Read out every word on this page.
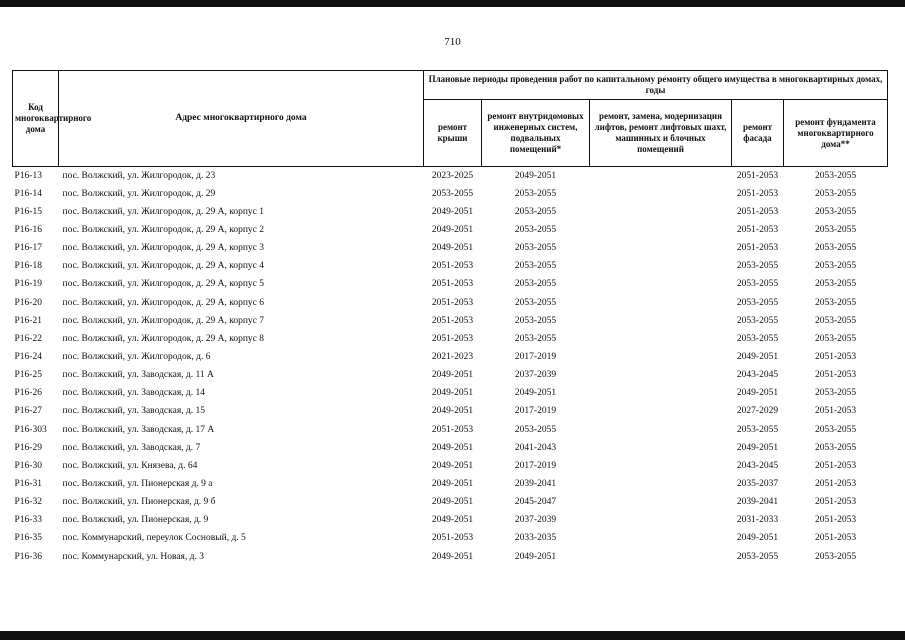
710
Код многоквартирного дома	Адрес многоквартирного дома	Плановые периоды проведения работ по капитальному ремонту общего имущества в многоквартирных домах, годы				
		ремонт крыши	ремонт внутридомовых инженерных систем, подвальных помещений*	ремонт, замена, модернизация лифтов, ремонт лифтовых шахт, машинных и блочных помещений	ремонт фасада	ремонт фундамента многоквартирного дома**
P16-13	пос. Волжский, ул. Жилгородок, д. 23	2023-2025	2049-2051		2051-2053	2053-2055
P16-14	пос. Волжский, ул. Жилгородок, д. 29	2053-2055	2053-2055		2051-2053	2053-2055
P16-15	пос. Волжский, ул. Жилгородок, д. 29 А, корпус 1	2049-2051	2053-2055		2051-2053	2053-2055
P16-16	пос. Волжский, ул. Жилгородок, д. 29 А, корпус 2	2049-2051	2053-2055		2051-2053	2053-2055
P16-17	пос. Волжский, ул. Жилгородок, д. 29 А, корпус 3	2049-2051	2053-2055		2051-2053	2053-2055
P16-18	пос. Волжский, ул. Жилгородок, д. 29 А, корпус 4	2051-2053	2053-2055		2053-2055	2053-2055
P16-19	пос. Волжский, ул. Жилгородок, д. 29 А, корпус 5	2051-2053	2053-2055		2053-2055	2053-2055
P16-20	пос. Волжский, ул. Жилгородок, д. 29 А, корпус 6	2051-2053	2053-2055		2053-2055	2053-2055
P16-21	пос. Волжский, ул. Жилгородок, д. 29 А, корпус 7	2051-2053	2053-2055		2053-2055	2053-2055
P16-22	пос. Волжский, ул. Жилгородок, д. 29 А, корпус 8	2051-2053	2053-2055		2053-2055	2053-2055
P16-24	пос. Волжский, ул. Жилгородок, д. 6	2021-2023	2017-2019		2049-2051	2051-2053
P16-25	пос. Волжский, ул. Заводская, д. 11 А	2049-2051	2037-2039		2043-2045	2051-2053
P16-26	пос. Волжский, ул. Заводская, д. 14	2049-2051	2049-2051		2049-2051	2053-2055
P16-27	пос. Волжский, ул. Заводская, д. 15	2049-2051	2017-2019		2027-2029	2051-2053
P16-303	пос. Волжский, ул. Заводская, д. 17 А	2051-2053	2053-2055		2053-2055	2053-2055
P16-29	пос. Волжский, ул. Заводская, д. 7	2049-2051	2041-2043		2049-2051	2053-2055
P16-30	пос. Волжский, ул. Князева, д. 64	2049-2051	2017-2019		2043-2045	2051-2053
P16-31	пос. Волжский, ул. Пионерская д. 9 а	2049-2051	2039-2041		2035-2037	2051-2053
P16-32	пос. Волжский, ул. Пионерская, д. 9 б	2049-2051	2045-2047		2039-2041	2051-2053
P16-33	пос. Волжский, ул. Пионерская, д. 9	2049-2051	2037-2039		2031-2033	2051-2053
P16-35	пос. Коммунарский, переулок Сосновый, д. 5	2051-2053	2033-2035		2049-2051	2051-2053
P16-36	пос. Коммунарский, ул. Новая, д. 3	2049-2051	2049-2051		2053-2055	2053-2055
